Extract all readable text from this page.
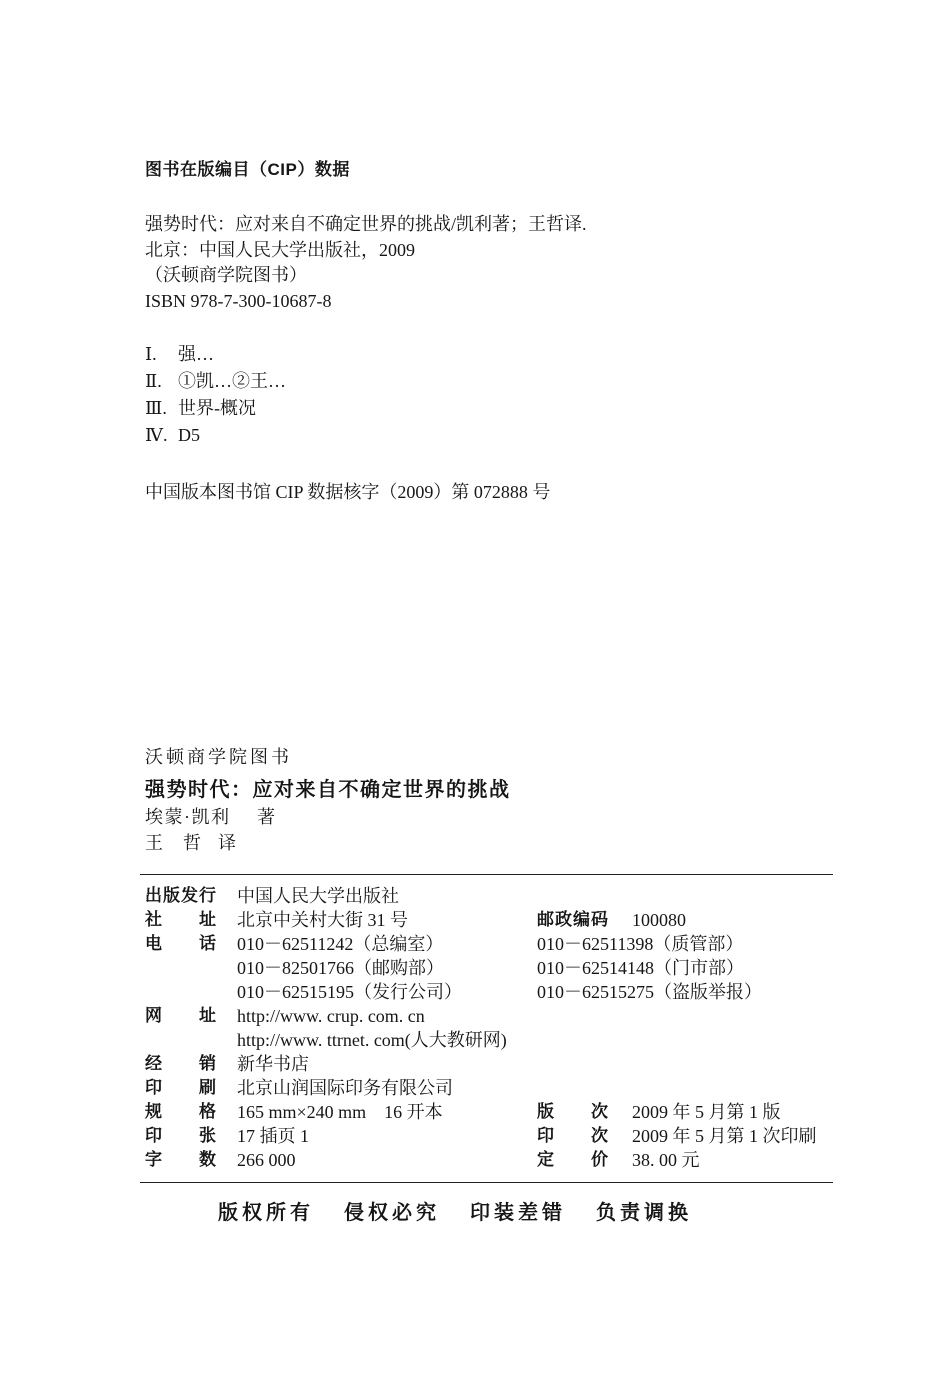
图书在版编目（CIP）数据
强势时代：应对来自不确定世界的挑战/凯利著；王哲译.
北京：中国人民大学出版社，2009
（沃顿商学院图书）
ISBN 978-7-300-10687-8
Ⅰ. 强…
Ⅱ. ①凯…②王…
Ⅲ. 世界-概况
Ⅳ. D5
中国版本图书馆 CIP 数据核字（2009）第 072888 号
沃顿商学院图书
强势时代：应对来自不确定世界的挑战
埃蒙·凯利 著
王　哲 译
出版发行	中国人民大学出版社
社　　址	北京中关村大街 31 号	邮政编码	100080
电　　话	010－62511242（总编室）	010－62511398（质管部）
010－82501766（邮购部）	010－62514148（门市部）
010－62515195（发行公司）	010－62515275（盗版举报）
网　　址	http://www. crup. com. cn
http://www. ttrnet. com(人大教研网)
经　　销	新华书店
印　　刷	北京山润国际印务有限公司
规　　格	165 mm×240 mm　16 开本	版　　次	2009 年 5 月第 1 版
印　　张	17 插页 1	印　　次	2009 年 5 月第 1 次印刷
字　　数	266 000	定　　价	38. 00 元
版权所有 侵权必究 印装差错 负责调换
